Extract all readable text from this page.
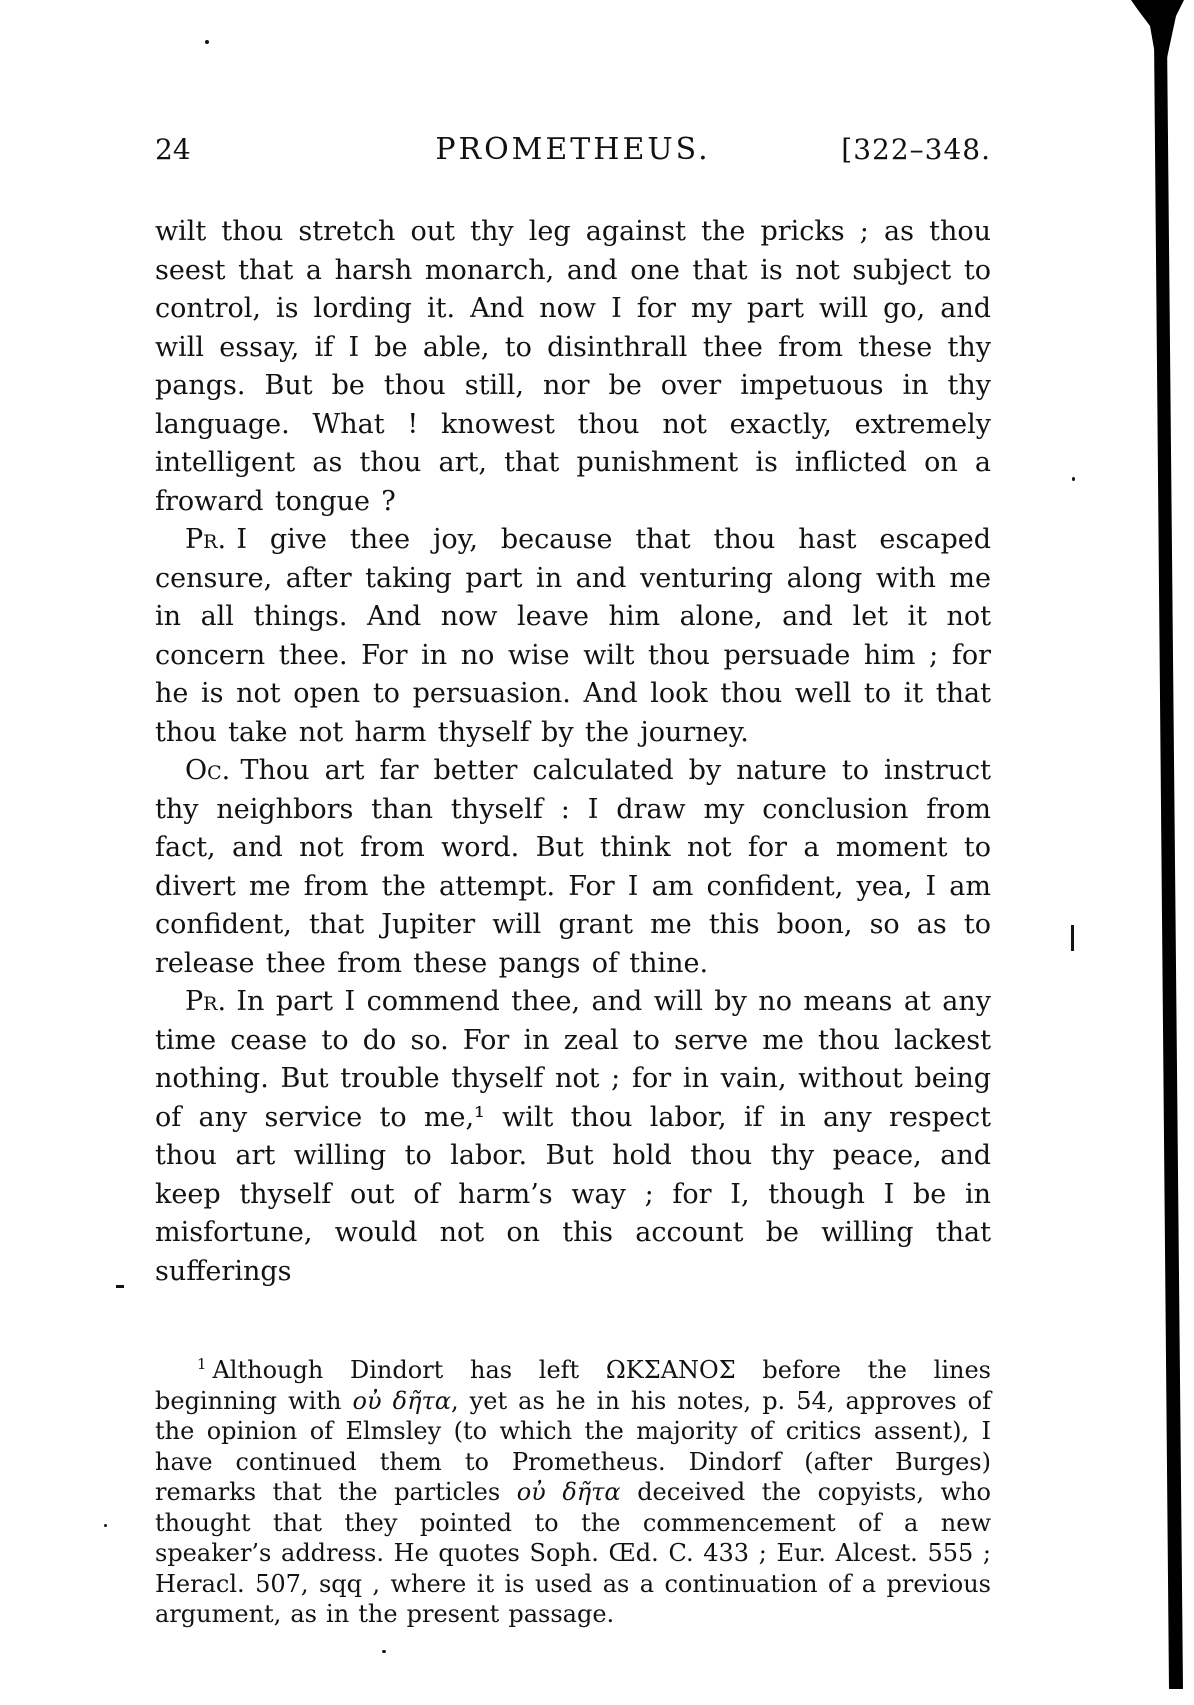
24	PROMETHEUS.	[322–348.

wilt thou stretch out thy leg against the pricks ; as thou seest that a harsh monarch, and one that is not subject to control, is lording it. And now I for my part will go, and will essay, if I be able, to disinthrall thee from these thy pangs. But be thou still, nor be over impetuous in thy language. What ! knowest thou not exactly, extremely intelligent as thou art, that punishment is inflicted on a froward tongue ?

Pr. I give thee joy, because that thou hast escaped censure, after taking part in and venturing along with me in all things. And now leave him alone, and let it not concern thee. For in no wise wilt thou persuade him ; for he is not open to persuasion. And look thou well to it that thou take not harm thyself by the journey.

Oc. Thou art far better calculated by nature to instruct thy neighbors than thyself : I draw my conclusion from fact, and not from word. But think not for a moment to divert me from the attempt. For I am confident, yea, I am confident, that Jupiter will grant me this boon, so as to release thee from these pangs of thine.

Pr. In part I commend thee, and will by no means at any time cease to do so. For in zeal to serve me thou lackest nothing. But trouble thyself not ; for in vain, without being of any service to me,¹ wilt thou labor, if in any respect thou art willing to labor. But hold thou thy peace, and keep thyself out of harm’s way ; for I, though I be in misfortune, would not on this account be willing that sufferings

$^1$ Although Dindort has left ΩΚΣΑΝΟΣ before the lines beginning with οὐ δῆτα, yet as he in his notes, p. 54, approves of the opinion of Elmsley (to which the majority of critics assent), I have continued them to Prometheus. Dindorf (after Burges) remarks that the particles οὐ δῆτα deceived the copyists, who thought that they pointed to the commencement of a new speaker’s address. He quotes Soph. Œd. C. 433 ; Eur. Alcest. 555 ; Heracl. 507, sqq , where it is used as a continuation of a previous argument, as in the present passage.
